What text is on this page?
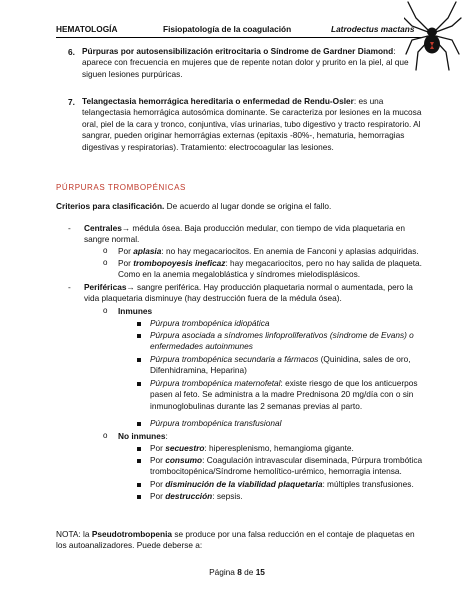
HEMATOLOGÍA	Fisiopatología de la coagulación	Latrodectus mactans
6. Púrpuras por autosensibilización eritrocitaria o Síndrome de Gardner Diamond: aparece con frecuencia en mujeres que de repente notan dolor y prurito en la piel, al que siguen lesiones purpúricas.
7. Telangectasia hemorrágica hereditaria o enfermedad de Rendu-Osler: es una telangectasia hemorrágica autosómica dominante. Se caracteriza por lesiones en la mucosa oral, piel de la cara y tronco, conjuntiva, vías urinarias, tubo digestivo y tracto respiratorio. Al sangrar, pueden originar hemorrágias externas (epitaxis -80%-, hematuria, hemorragias digestivas y respiratorias). Tratamiento: electrocoagular las lesiones.
PÚRPURAS TROMBOPÉNICAS
Criterios para clasificación. De acuerdo al lugar donde se origina el fallo.
- Centrales→ médula ósea. Baja producción medular, con tiempo de vida plaquetaria en sangre normal.
o Por aplasia: no hay megacariocitos. En anemia de Fanconi y aplasias adquiridas.
o Por trombopoyesis ineficaz: hay megacariocitos, pero no hay salida de plaqueta. Como en la anemia megaloblástica y síndromes mielodisplásicos.
- Periféricas→ sangre periférica. Hay producción plaquetaria normal o aumentada, pero la vida plaquetaria disminuye (hay destrucción fuera de la médula ósea).
o Inmunes
Púrpura trombopénica idiopática
Púrpura asociada a síndromes linfoproliferativos (síndrome de Evans) o enfermedades autoinmunes
Púrpura trombopénica secundaria a fármacos (Quinidina, sales de oro, Difenhidramina, Heparina)
Púrpura trombopénica maternofetal: existe riesgo de que los anticuerpos pasen al feto. Se administra a la madre Prednisona 20 mg/día con o sin inmunoglobulinas durante las 2 semanas previas al parto.
Púrpura trombopénica transfusional
o No inmunes:
Por secuestro: hiperesplenismo, hemangioma gigante.
Por consumo: Coagulación intravascular diseminada, Púrpura trombótica trombocitopénica/Síndrome hemolítico-urémico, hemorragia intensa.
Por disminución de la viabilidad plaquetaria: múltiples transfusiones.
Por destrucción: sepsis.
NOTA: la Pseudotrombopenia se produce por una falsa reducción en el contaje de plaquetas en los autoanalizadores. Puede deberse a:
Página 8 de 15
